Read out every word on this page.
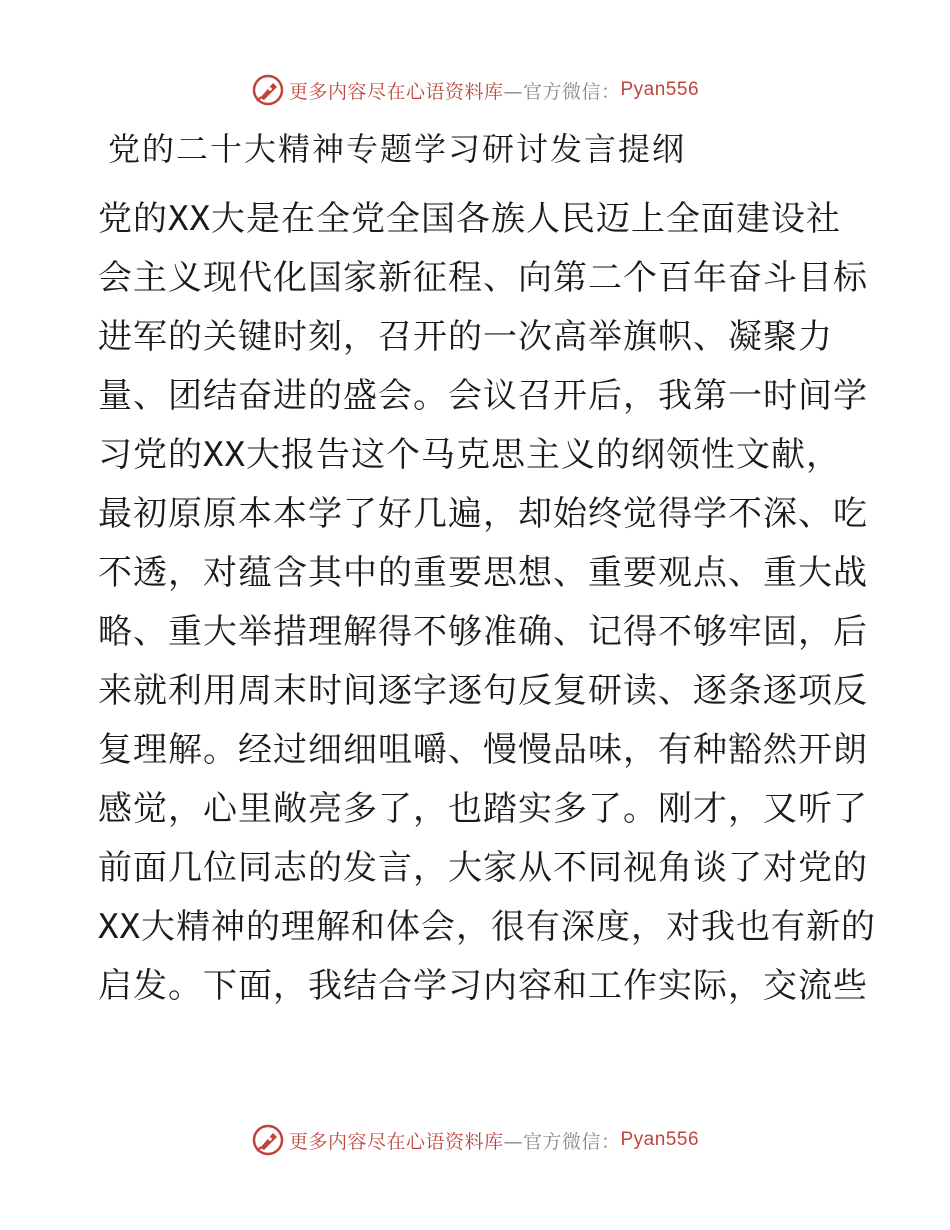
更多内容尽在心语资料库 —官方微信： Pyan556
党的二十大精神专题学习研讨发言提纲
党的XX大是在全党全国各族人民迈上全面建设社
会主义现代化国家新征程、向第二个百年奋斗目标
进军的关键时刻，召开的一次高举旗帜、凝聚力
量、团结奋进的盛会。会议召开后，我第一时间学
习党的XX大报告这个马克思主义的纲领性文献，
最初原原本本学了好几遍，却始终觉得学不深、吃
不透，对蕴含其中的重要思想、重要观点、重大战
略、重大举措理解得不够准确、记得不够牢固，后
来就利用周末时间逐字逐句反复研读、逐条逐项反
复理解。经过细细咀嚼、慢慢品味，有种豁然开朗
感觉，心里敞亮多了，也踏实多了。刚才，又听了
前面几位同志的发言，大家从不同视角谈了对党的
XX大精神的理解和体会，很有深度，对我也有新的
启发。下面，我结合学习内容和工作实际，交流些
更多内容尽在心语资料库 —官方微信： Pyan556
